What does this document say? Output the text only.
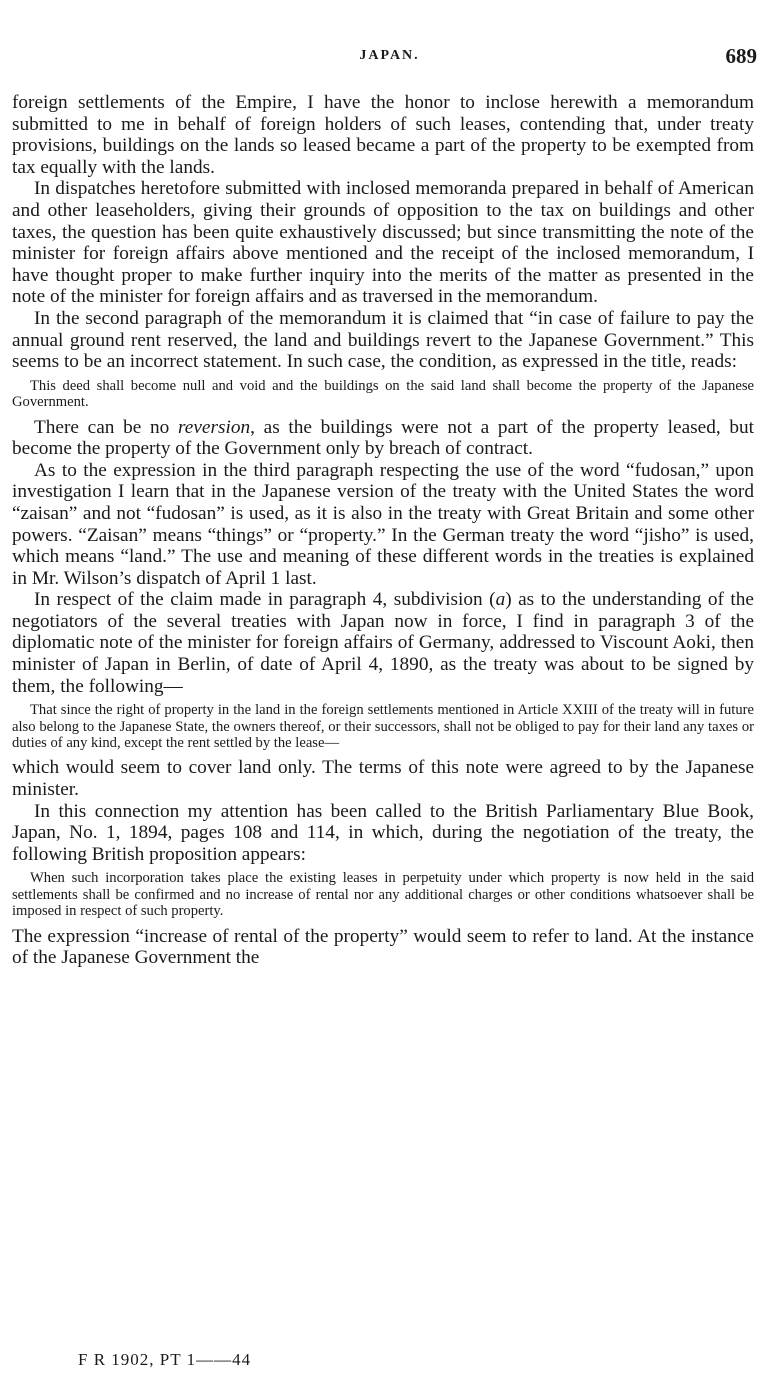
JAPAN.	689

foreign settlements of the Empire, I have the honor to inclose herewith a memorandum submitted to me in behalf of foreign holders of such leases, contending that, under treaty provisions, buildings on the lands so leased became a part of the property to be exempted from tax equally with the lands.

In dispatches heretofore submitted with inclosed memoranda prepared in behalf of American and other leaseholders, giving their grounds of opposition to the tax on buildings and other taxes, the question has been quite exhaustively discussed; but since transmitting the note of the minister for foreign affairs above mentioned and the receipt of the inclosed memorandum, I have thought proper to make further inquiry into the merits of the matter as presented in the note of the minister for foreign affairs and as traversed in the memorandum.

In the second paragraph of the memorandum it is claimed that “in case of failure to pay the annual ground rent reserved, the land and buildings revert to the Japanese Government.” This seems to be an incorrect statement. In such case, the condition, as expressed in the title, reads:

This deed shall become null and void and the buildings on the said land shall become the property of the Japanese Government.

There can be no reversion, as the buildings were not a part of the property leased, but become the property of the Government only by breach of contract.

As to the expression in the third paragraph respecting the use of the word “fudosan,” upon investigation I learn that in the Japanese version of the treaty with the United States the word “zaisan” and not “fudosan” is used, as it is also in the treaty with Great Britain and some other powers. “Zaisan” means “things” or “property.” In the German treaty the word “jisho” is used, which means “land.” The use and meaning of these different words in the treaties is explained in Mr. Wilson’s dispatch of April 1 last.

In respect of the claim made in paragraph 4, subdivision (a) as to the understanding of the negotiators of the several treaties with Japan now in force, I find in paragraph 3 of the diplomatic note of the minister for foreign affairs of Germany, addressed to Viscount Aoki, then minister of Japan in Berlin, of date of April 4, 1890, as the treaty was about to be signed by them, the following—

That since the right of property in the land in the foreign settlements mentioned in Article XXIII of the treaty will in future also belong to the Japanese State, the owners thereof, or their successors, shall not be obliged to pay for their land any taxes or duties of any kind, except the rent settled by the lease—

which would seem to cover land only. The terms of this note were agreed to by the Japanese minister.

In this connection my attention has been called to the British Parliamentary Blue Book, Japan, No. 1, 1894, pages 108 and 114, in which, during the negotiation of the treaty, the following British proposition appears:

When such incorporation takes place the existing leases in perpetuity under which property is now held in the said settlements shall be confirmed and no increase of rental nor any additional charges or other conditions whatsoever shall be imposed in respect of such property.

The expression “increase of rental of the property” would seem to refer to land. At the instance of the Japanese Government the

F R 1902, PT 1——44
